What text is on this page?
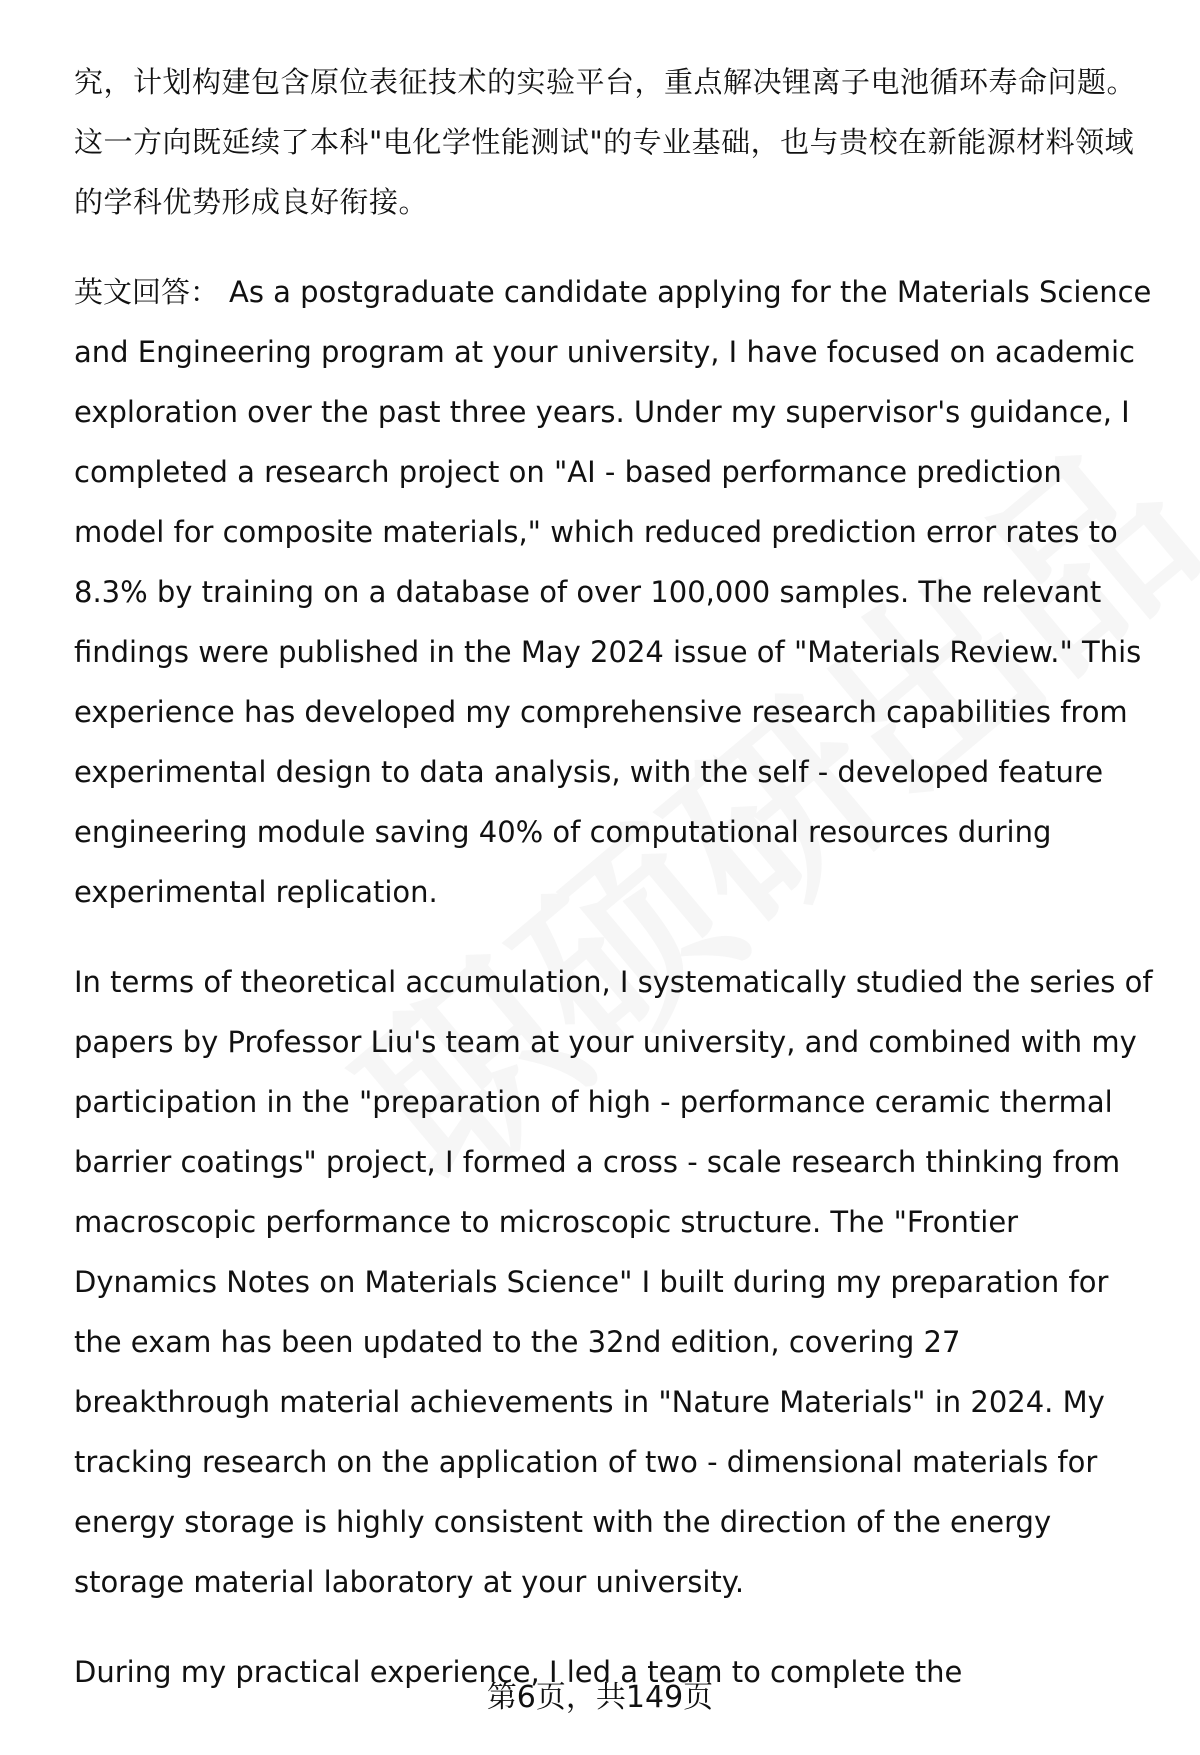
究，计划构建包含原位表征技术的实验平台，重点解决锂离子电池循环寿命问题。这一方向既延续了本科"电化学性能测试"的专业基础，也与贵校在新能源材料领域的学科优势形成良好衔接。

英文回答： As a postgraduate candidate applying for the Materials Science and Engineering program at your university, I have focused on academic exploration over the past three years. Under my supervisor's guidance, I completed a research project on "AI - based performance prediction model for composite materials," which reduced prediction error rates to 8.3% by training on a database of over 100,000 samples. The relevant findings were published in the May 2024 issue of "Materials Review." This experience has developed my comprehensive research capabilities from experimental design to data analysis, with the self - developed feature engineering module saving 40% of computational resources during experimental replication.

In terms of theoretical accumulation, I systematically studied the series of papers by Professor Liu's team at your university, and combined with my participation in the "preparation of high - performance ceramic thermal barrier coatings" project, I formed a cross - scale research thinking from macroscopic performance to microscopic structure. The "Frontier Dynamics Notes on Materials Science" I built during my preparation for the exam has been updated to the 32nd edition, covering 27 breakthrough material achievements in "Nature Materials" in 2024. My tracking research on the application of two - dimensional materials for energy storage is highly consistent with the direction of the energy storage material laboratory at your university.

During my practical experience, I led a team to complete the

第6页，共149页
